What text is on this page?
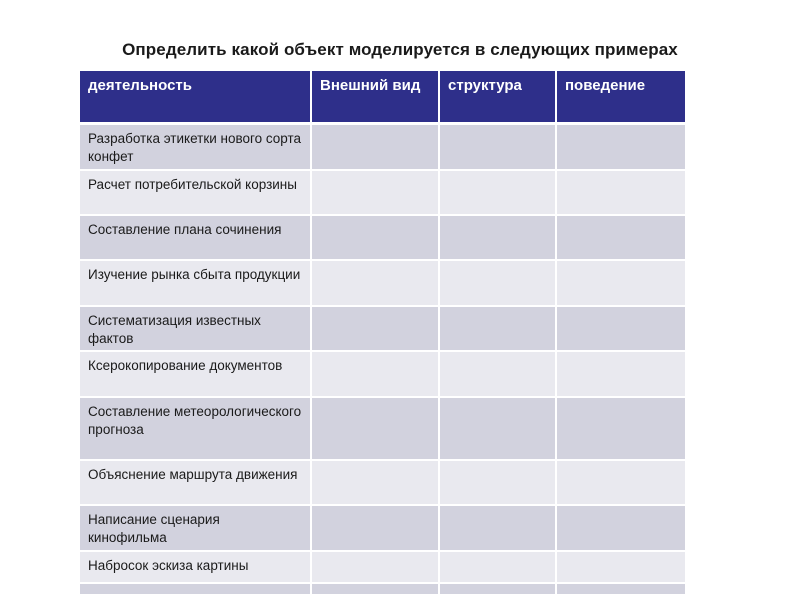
Определить какой объект моделируется в следующих примерах
деятельность	Внешний вид	структура	поведение
Разработка этикетки нового сорта конфет			
Расчет потребительской корзины			
Составление плана сочинения			
Изучение рынка сбыта продукции			
Систематизация известных фактов			
Ксерокопирование документов			
Составление метеорологического прогноза			
Объяснение маршрута движения			
Написание сценария кинофильма			
Набросок эскиза картины			
